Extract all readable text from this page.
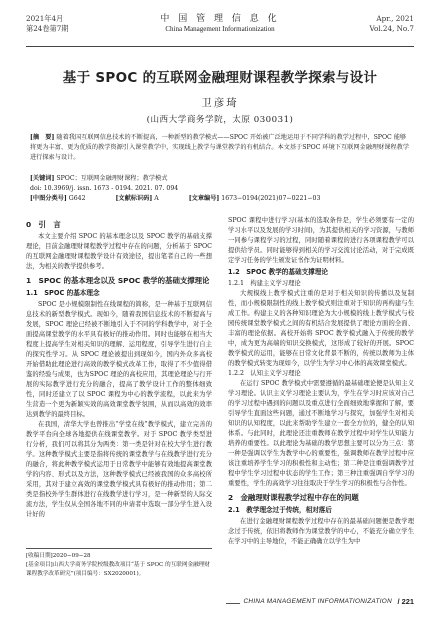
2021年4月
第24卷第7期
中 国 管 理 信 息 化
China Management Informationization
Apr., 2021
Vol.24, No.7
基于 SPOC 的互联网金融理财课程教学探索与设计
卫彦琦
(山西大学商务学院，太原 030031)
[摘　要] 随着我国互联网信息技术的不断提高，一种新型的教学模式——SPOC 开始被广泛地运用于不同学科的教学过程中，SPOC 能够将更为丰富、更为优质的教学资源引入课堂教学中，实现线上教学与课堂教学的有机结合。本文基于SPOC 环境下互联网金融理财课程教学进行探索与设计。
[关键词] SPOC；互联网金融理财课程；教学模式
doi: 10.3969/j. issn. 1673 - 0194. 2021. 07. 094
[中图分类号] G642	[文献标识码] A	[文章编号] 1673−0194(2021)07−0221−03
0　引　言

本文主要介绍 SPOC 的基本理念以及 SPOC 教学的基础支撑理论，目前金融理财课程教学过程中存在的问题，分析基于 SPOC 的互联网金融理财课程教学设计有效途径，提出笔者自己的一些想法，为相关的教学提供参考。

1　SPOC 的基本理念以及 SPOC 教学的基础支撑理论
1.1　SPOC 的基本理念

SPOC 是小规模限制性在线课程的简称，是一种基于互联网信息技术的新型教学模式。现如今，随着我国信息技术的不断提高与发展，SPOC 理论已经被不断地引入于不同的学科教学中，对于全面提高课堂教学的水平具有极好的推动作用。同时也能够在相当大程度上提高学生对相关知识的理解、运用程度，引导学生进行自主的探究性学习。从 SPOC 理论被提出到现如今，国内外众多高校开始借助此理论进行高效的教学模式改革工作，取得了不少值得借鉴的经验与成果，也为SPOC 理论的高校应用，其理论理论与行开展的实际教学进行充分的融合，提高了教学设计工作的整体细致性，同时还建立了以 SPOC 课程为中心的教学流程，以此来为学生营造一个更为新颖实效的高效课堂教学氛围，从而以高效的效率达到教学的最终目标。

在我国，清华大学也曾推出“学堂在线”教学模式，建立完善的教学平台向全球各地提供在线课堂教学。对于 SPOC 教学类型进行分析，我们可以将其分为两类：第一类是针对在校大学生进行教学。这种教学模式主要是指将传统的课堂教学与在线教学进行充分的融合，将此种教学模式运用于日常教学中能够有效地提高课堂教学的内容、形式以及方法，这种教学模式已经被我国的众多高校所采用，其对于建立高效的课堂教学模式具有极好的推动作用；第二类是指校外学生群体进行在线教学进行学习，是一种新型的人际交流方法，学生仅从全国各地不同的申请者中选取一部分学生进入设计好的

SPOC 课程中进行学习(基本的选取条件是，学生必须要有一定的学习水平以及发展的学习时间)，为其提供相关的学习资源，与教师一同参与课程学习的过程，同时随着课程的进行各项课程教学可以提供给学员。同时能够得到相关的学习交流讨论活动，对于完成既定学习任务的学生颁发证书作为证明材料。

1.2　SPOC 教学的基础支撑理论
1.2.1　构建主义学习理论

大规模线上教学模式注重的是对于相关知识的传播以及复制性，而小规模限制性的线上教学模式则注重对于知识的再构建与生成工作。构建主义的各种知识理论为大小规模的线上教学模式与校园传统课堂教学模式之间的有机结合发展提供了理论方面的全面、丰富的理论依据。高校开始将 SPOC 教学模式融入于传统的教学中，成为更为高端的知识交换模式，这形成了较好的开展。SPOC 教学模式的运用，能够在日常文化背景不断的，传统以教师为主体的教学模式转变为现如今，以学生为学习中心体的高效课堂模式。

1.2.2　认知主义学习理论

在运行 SPOC 教学模式中需要遵循的最基础理论便是认知主义学习理论。认识主义学习理论主要认为，学生在学习时应该对自己的学习过程中遇到的问题以及重点进行全面细致地掌握和了解，要引导学生直面这些问题，通过不断地学习与探究，加强学生对相关知识的认知程度，以此来帮助学生建立一套全方位的，健全的认知体系。与此同时，此理论还注重教师在教学过程中对学生认知能力培养的重要性。以此理论为基础的教学思想主要可以分为三点：第一种是强调以学生为教学中心的重要性，强调教师在教学过程中应该注重培养学生学习的积极性和主动性；第二种是注重强调教学过程中学生学习过程中状态的学生工作；第三种注重强调自学学习的重要性，学生的高效学习往往取决于学生学习的积极性与合作性。

2　金融理财课程教学过程中存在的问题
2.1　教学理念过于传统，相对落后

在进行金融理财课程教学过程中存在的最基础问题便是教学理念过于传统，依旧将教师作为课堂教学的中心，不能充分确立学生在学习中的主导地位，不能正确确立以学生为中

[收稿日期]2020−09−28
[基金项目]山西大学商务学院校级教改项目“基于 SPOC 的互联网金融理财课程教学改革研究”(项目编号：SX2020001)。
CHINA MANAGEMENT INFORMATIONIZATION / 221
